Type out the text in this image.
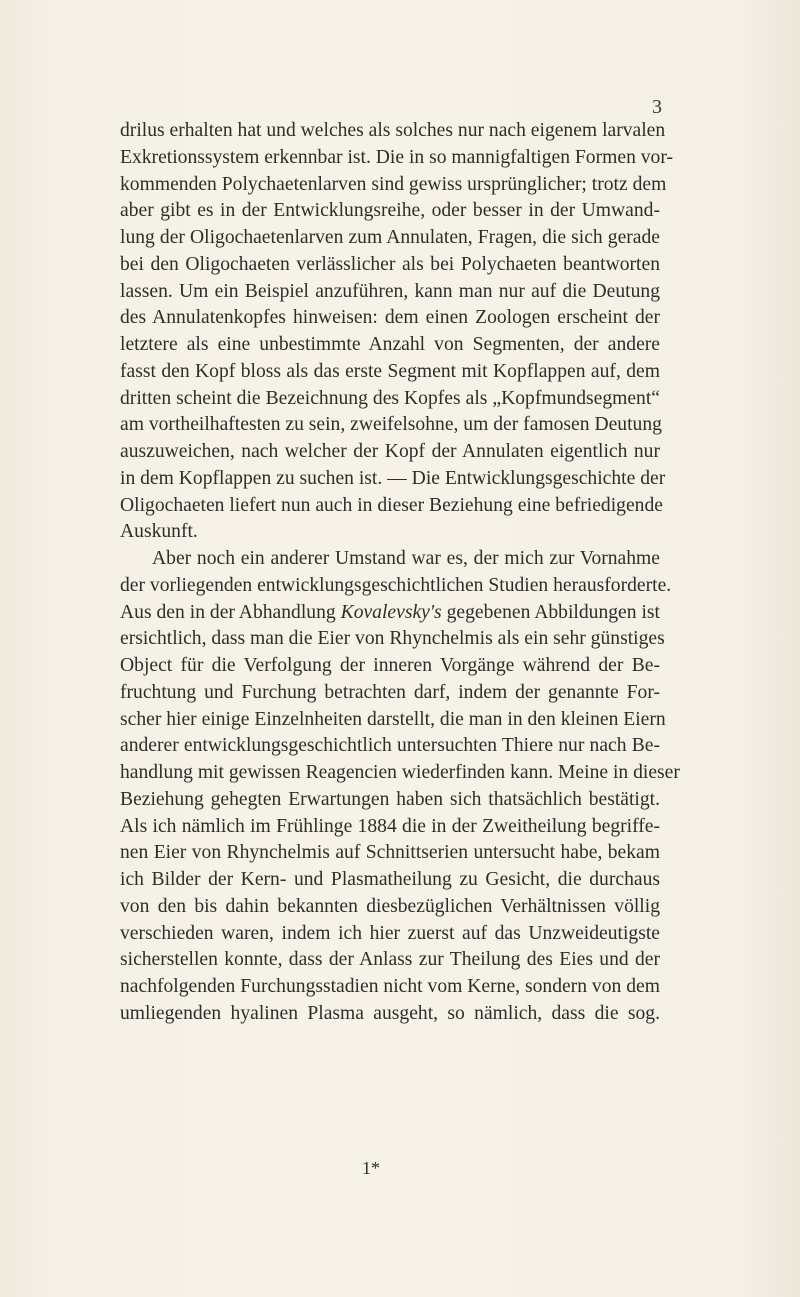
3
drilus erhalten hat und welches als solches nur nach eigenem larvalen
Exkretionssystem erkennbar ist. Die in so mannigfaltigen Formen vor-
kommenden Polychaetenlarven sind gewiss ursprünglicher; trotz dem
aber gibt es in der Entwicklungsreihe, oder besser in der Umwand-
lung der Oligochaetenlarven zum Annulaten, Fragen, die sich gerade
bei den Oligochaeten verlässlicher als bei Polychaeten beantworten
lassen. Um ein Beispiel anzuführen, kann man nur auf die Deutung
des Annulatenkopfes hinweisen: dem einen Zoologen erscheint der
letztere als eine unbestimmte Anzahl von Segmenten, der andere
fasst den Kopf bloss als das erste Segment mit Kopflappen auf, dem
dritten scheint die Bezeichnung des Kopfes als „Kopfmundsegment“
am vortheilhaftesten zu sein, zweifelsohne, um der famosen Deutung
auszuweichen, nach welcher der Kopf der Annulaten eigentlich nur
in dem Kopflappen zu suchen ist. — Die Entwicklungsgeschichte der
Oligochaeten liefert nun auch in dieser Beziehung eine befriedigende
Auskunft.
Aber noch ein anderer Umstand war es, der mich zur Vornahme
der vorliegenden entwicklungsgeschichtlichen Studien herausforderte.
Aus den in der Abhandlung Kovalevsky's gegebenen Abbildungen ist
ersichtlich, dass man die Eier von Rhynchelmis als ein sehr günstiges
Object für die Verfolgung der inneren Vorgänge während der Be-
fruchtung und Furchung betrachten darf, indem der genannte For-
scher hier einige Einzelnheiten darstellt, die man in den kleinen Eiern
anderer entwicklungsgeschichtlich untersuchten Thiere nur nach Be-
handlung mit gewissen Reagencien wiederfinden kann. Meine in dieser
Beziehung gehegten Erwartungen haben sich thatsächlich bestätigt.
Als ich nämlich im Frühlinge 1884 die in der Zweitheilung begriffe-
nen Eier von Rhynchelmis auf Schnittserien untersucht habe, bekam
ich Bilder der Kern- und Plasmatheilung zu Gesicht, die durchaus
von den bis dahin bekannten diesbezüglichen Verhältnissen völlig
verschieden waren, indem ich hier zuerst auf das Unzweideutigste
sicherstellen konnte, dass der Anlass zur Theilung des Eies und der
nachfolgenden Furchungsstadien nicht vom Kerne, sondern von dem
umliegenden hyalinen Plasma ausgeht, so nämlich, dass die sog.
1*
